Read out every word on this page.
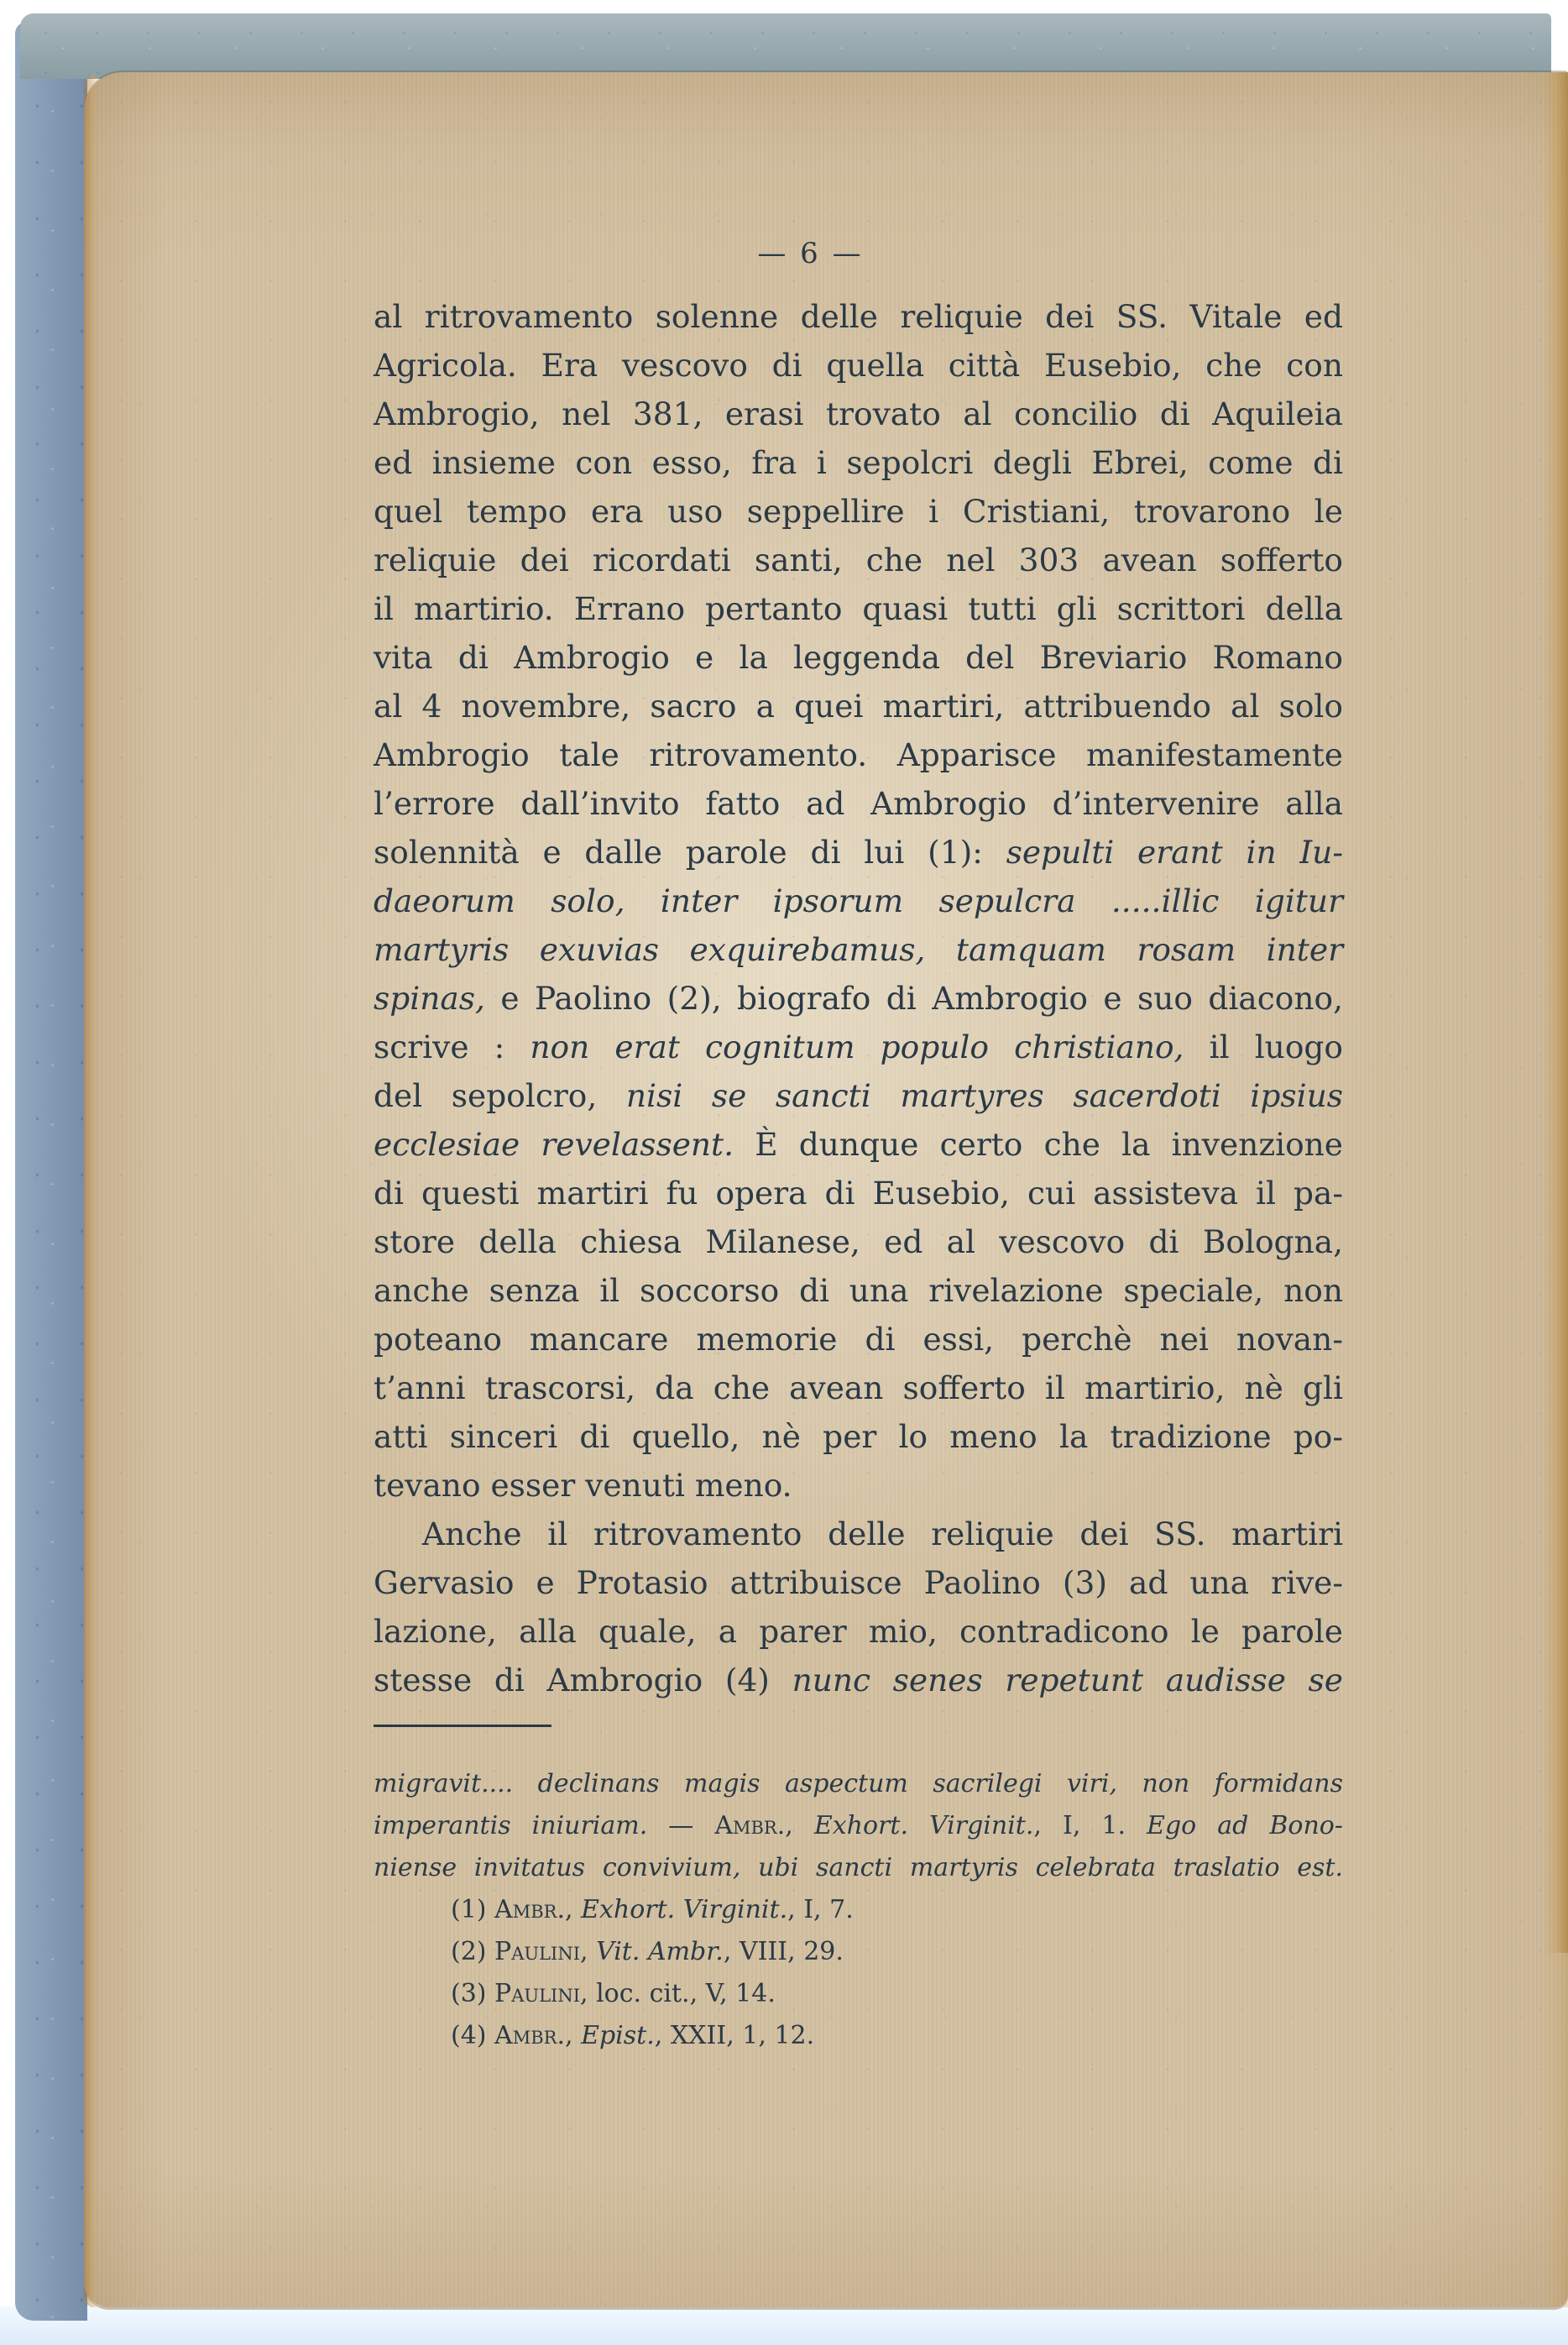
— 6 —
al ritrovamento solenne delle reliquie dei SS. Vitale ed
Agricola. Era vescovo di quella città Eusebio, che con
Ambrogio, nel 381, erasi trovato al concilio di Aquileia
ed insieme con esso, fra i sepolcri degli Ebrei, come di
quel tempo era uso seppellire i Cristiani, trovarono le
reliquie dei ricordati santi, che nel 303 avean sofferto
il martirio. Errano pertanto quasi tutti gli scrittori della
vita di Ambrogio e la leggenda del Breviario Romano
al 4 novembre, sacro a quei martiri, attribuendo al solo
Ambrogio tale ritrovamento. Apparisce manifestamente
l’errore dall’invito fatto ad Ambrogio d’intervenire alla
solennità e dalle parole di lui (1): sepulti erant in Iu-
daeorum solo, inter ipsorum sepulcra .....illic igitur
martyris exuvias exquirebamus, tamquam rosam inter
spinas, e Paolino (2), biografo di Ambrogio e suo diacono,
scrive : non erat cognitum populo christiano, il luogo
del sepolcro, nisi se sancti martyres sacerdoti ipsius
ecclesiae revelassent. È dunque certo che la invenzione
di questi martiri fu opera di Eusebio, cui assisteva il pa-
store della chiesa Milanese, ed al vescovo di Bologna,
anche senza il soccorso di una rivelazione speciale, non
poteano mancare memorie di essi, perchè nei novan-
t’anni trascorsi, da che avean sofferto il martirio, nè gli
atti sinceri di quello, nè per lo meno la tradizione po-
tevano esser venuti meno.
Anche il ritrovamento delle reliquie dei SS. martiri
Gervasio e Protasio attribuisce Paolino (3) ad una rive-
lazione, alla quale, a parer mio, contradicono le parole
stesse di Ambrogio (4) nunc senes repetunt audisse se
migravit.... declinans magis aspectum sacrilegi viri, non formidans
imperantis iniuriam. — Ambr., Exhort. Virginit., I, 1. Ego ad Bono-
niense invitatus convivium, ubi sancti martyris celebrata traslatio est.
(1) Ambr., Exhort. Virginit., I, 7.
(2) Paulini, Vit. Ambr., VIII, 29.
(3) Paulini, loc. cit., V, 14.
(4) Ambr., Epist., XXII, 1, 12.
